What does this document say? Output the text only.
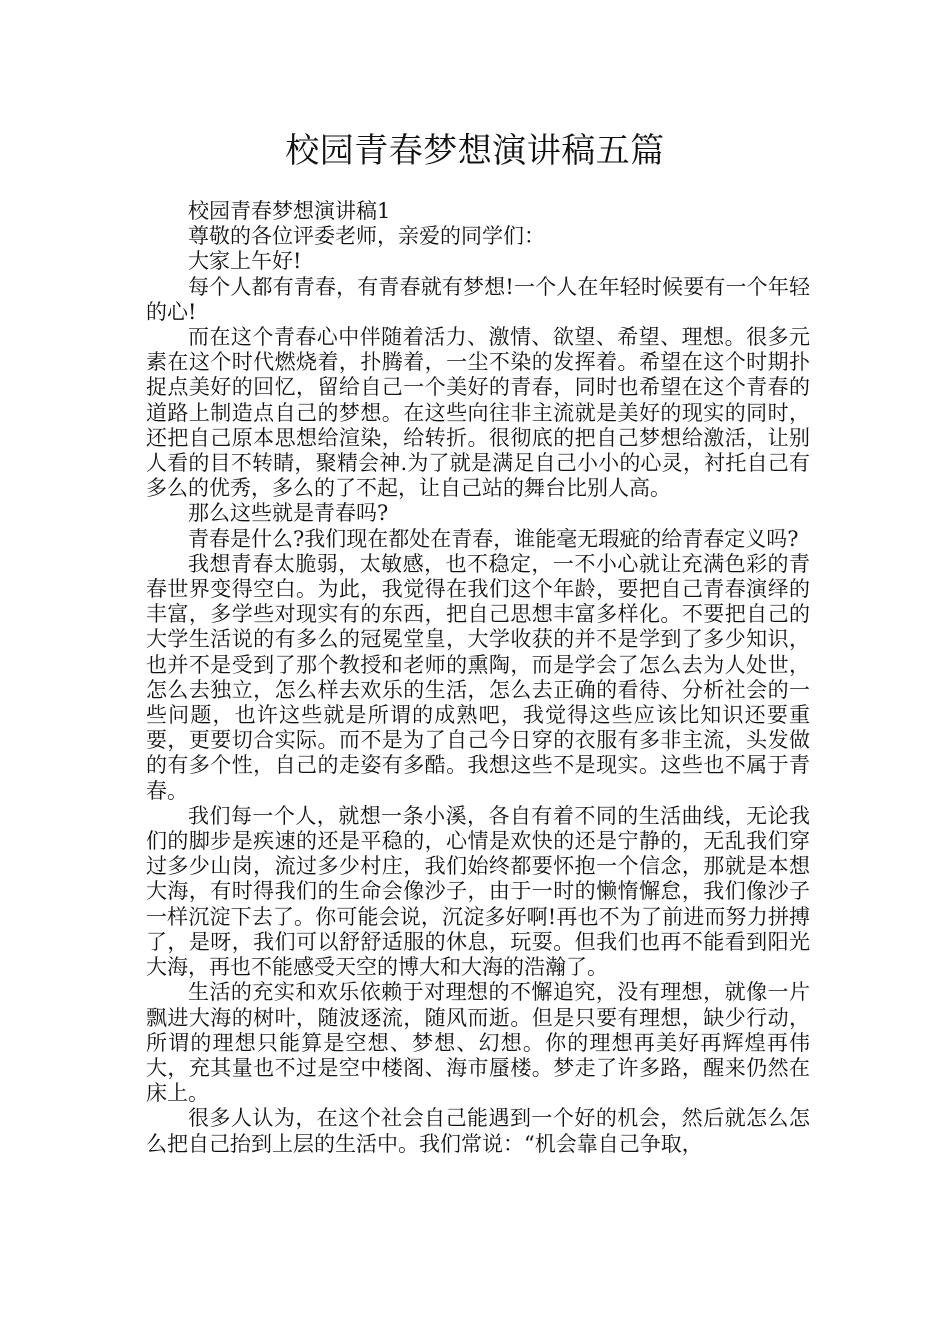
校园青春梦想演讲稿五篇

校园青春梦想演讲稿1

尊敬的各位评委老师，亲爱的同学们：

大家上午好!

每个人都有青春，有青春就有梦想!一个人在年轻时候要有一个年轻的心!

而在这个青春心中伴随着活力、激情、欲望、希望、理想。很多元素在这个时代燃烧着，扑腾着，一尘不染的发挥着。希望在这个时期扑捉点美好的回忆，留给自己一个美好的青春，同时也希望在这个青春的道路上制造点自己的梦想。在这些向往非主流就是美好的现实的同时，还把自己原本思想给渲染，给转折。很彻底的把自己梦想给激活，让别人看的目不转睛，聚精会神.为了就是满足自己小小的心灵，衬托自己有多么的优秀，多么的了不起，让自己站的舞台比别人高。

那么这些就是青春吗?

青春是什么?我们现在都处在青春，谁能毫无瑕疵的给青春定义吗?

我想青春太脆弱，太敏感，也不稳定，一不小心就让充满色彩的青春世界变得空白。为此，我觉得在我们这个年龄，要把自己青春演绎的丰富，多学些对现实有的东西，把自己思想丰富多样化。不要把自己的大学生活说的有多么的冠冕堂皇，大学收获的并不是学到了多少知识，也并不是受到了那个教授和老师的熏陶，而是学会了怎么去为人处世，怎么去独立，怎么样去欢乐的生活，怎么去正确的看待、分析社会的一些问题，也许这些就是所谓的成熟吧，我觉得这些应该比知识还要重要，更要切合实际。而不是为了自己今日穿的衣服有多非主流，头发做的有多个性，自己的走姿有多酷。我想这些不是现实。这些也不属于青春。

我们每一个人，就想一条小溪，各自有着不同的生活曲线，无论我们的脚步是疾速的还是平稳的，心情是欢快的还是宁静的，无乱我们穿过多少山岗，流过多少村庄，我们始终都要怀抱一个信念，那就是本想大海，有时得我们的生命会像沙子，由于一时的懒惰懈怠，我们像沙子一样沉淀下去了。你可能会说，沉淀多好啊!再也不为了前进而努力拼搏了，是呀，我们可以舒舒适服的休息，玩耍。但我们也再不能看到阳光大海，再也不能感受天空的博大和大海的浩瀚了。

生活的充实和欢乐依赖于对理想的不懈追究，没有理想，就像一片飘进大海的树叶，随波逐流，随风而逝。但是只要有理想，缺少行动，所谓的理想只能算是空想、梦想、幻想。你的理想再美好再辉煌再伟大，充其量也不过是空中楼阁、海市蜃楼。梦走了许多路，醒来仍然在床上。

很多人认为，在这个社会自己能遇到一个好的机会，然后就怎么怎么把自己抬到上层的生活中。我们常说：“机会靠自己争取，
